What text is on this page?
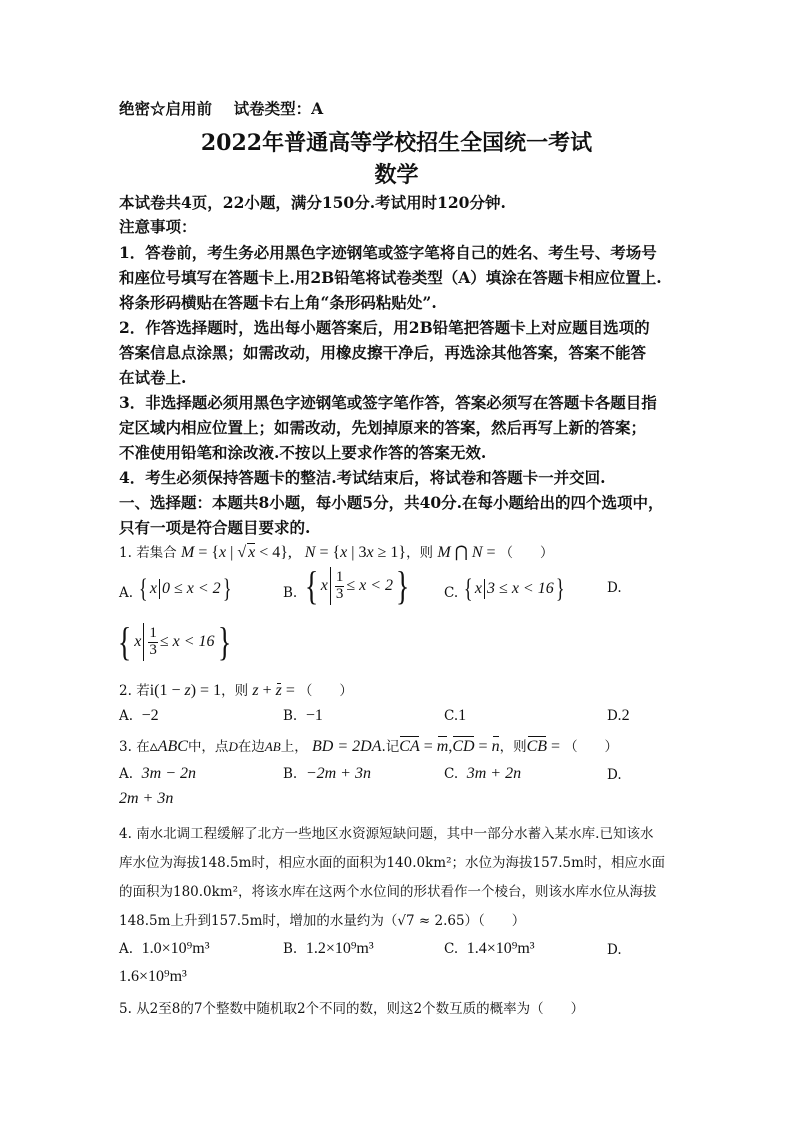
绝密☆启用前 试卷类型：A
2022年普通高等学校招生全国统一考试
数学
本试卷共4页，22小题，满分150分.考试用时120分钟.
注意事项：
1．答卷前，考生务必用黑色字迹钢笔或签字笔将自己的姓名、考生号、考场号
和座位号填写在答题卡上.用2B铅笔将试卷类型（A）填涂在答题卡相应位置上.
将条形码横贴在答题卡右上角“条形码粘贴处”.
2．作答选择题时，选出每小题答案后，用2B铅笔把答题卡上对应题目选项的
答案信息点涂黑；如需改动，用橡皮擦干净后，再选涂其他答案，答案不能答
在试卷上.
3．非选择题必须用黑色字迹钢笔或签字笔作答，答案必须写在答题卡各题目指
定区域内相应位置上；如需改动，先划掉原来的答案，然后再写上新的答案；
不准使用铅笔和涂改液.不按以上要求作答的答案无效.
4．考生必须保持答题卡的整洁.考试结束后，将试卷和答题卡一并交回.
一、选择题：本题共8小题，每小题5分，共40分.在每小题给出的四个选项中，
只有一项是符合题目要求的.
1. 若集合 M = {x | √ x < 4}, N = {x | 3x ≥ 1}，则 M ⋂ N = （　　）
A. { x 0 ≤ x < 2 }	B. { x $\frac{1}{3} \le x < 2$ }	C. { x 3 ≤ x < 16 }	D.
{ x $\frac{1}{3} \le x < 16$ }
2. 若i(1 − z) = 1，则 z + z = （　　）
A. −2	B. −1	C.1	D.2
3. 在▵ABC中，点D在边AB上， BD = 2DA.记CA = m,CD = n，则CB = （　　）
A. 3m − 2n	B. −2m + 3n	C. 3m + 2n	D.
2m + 3n
4. 南水北调工程缓解了北方一些地区水资源短缺问题，其中一部分水蓄入某水库.已知该水
库水位为海拔148.5m时，相应水面的面积为140.0km²；水位为海拔157.5m时，相应水面
的面积为180.0km²，将该水库在这两个水位间的形状看作一个棱台，则该水库水位从海拔
148.5m上升到157.5m时，增加的水量约为（√7 ≈ 2.65）（　　）
A. 1.0×10⁹m³	B. 1.2×10⁹m³	C. 1.4×10⁹m³	D.
1.6×10⁹m³
5. 从2至8的7个整数中随机取2个不同的数，则这2个数互质的概率为（　　）
